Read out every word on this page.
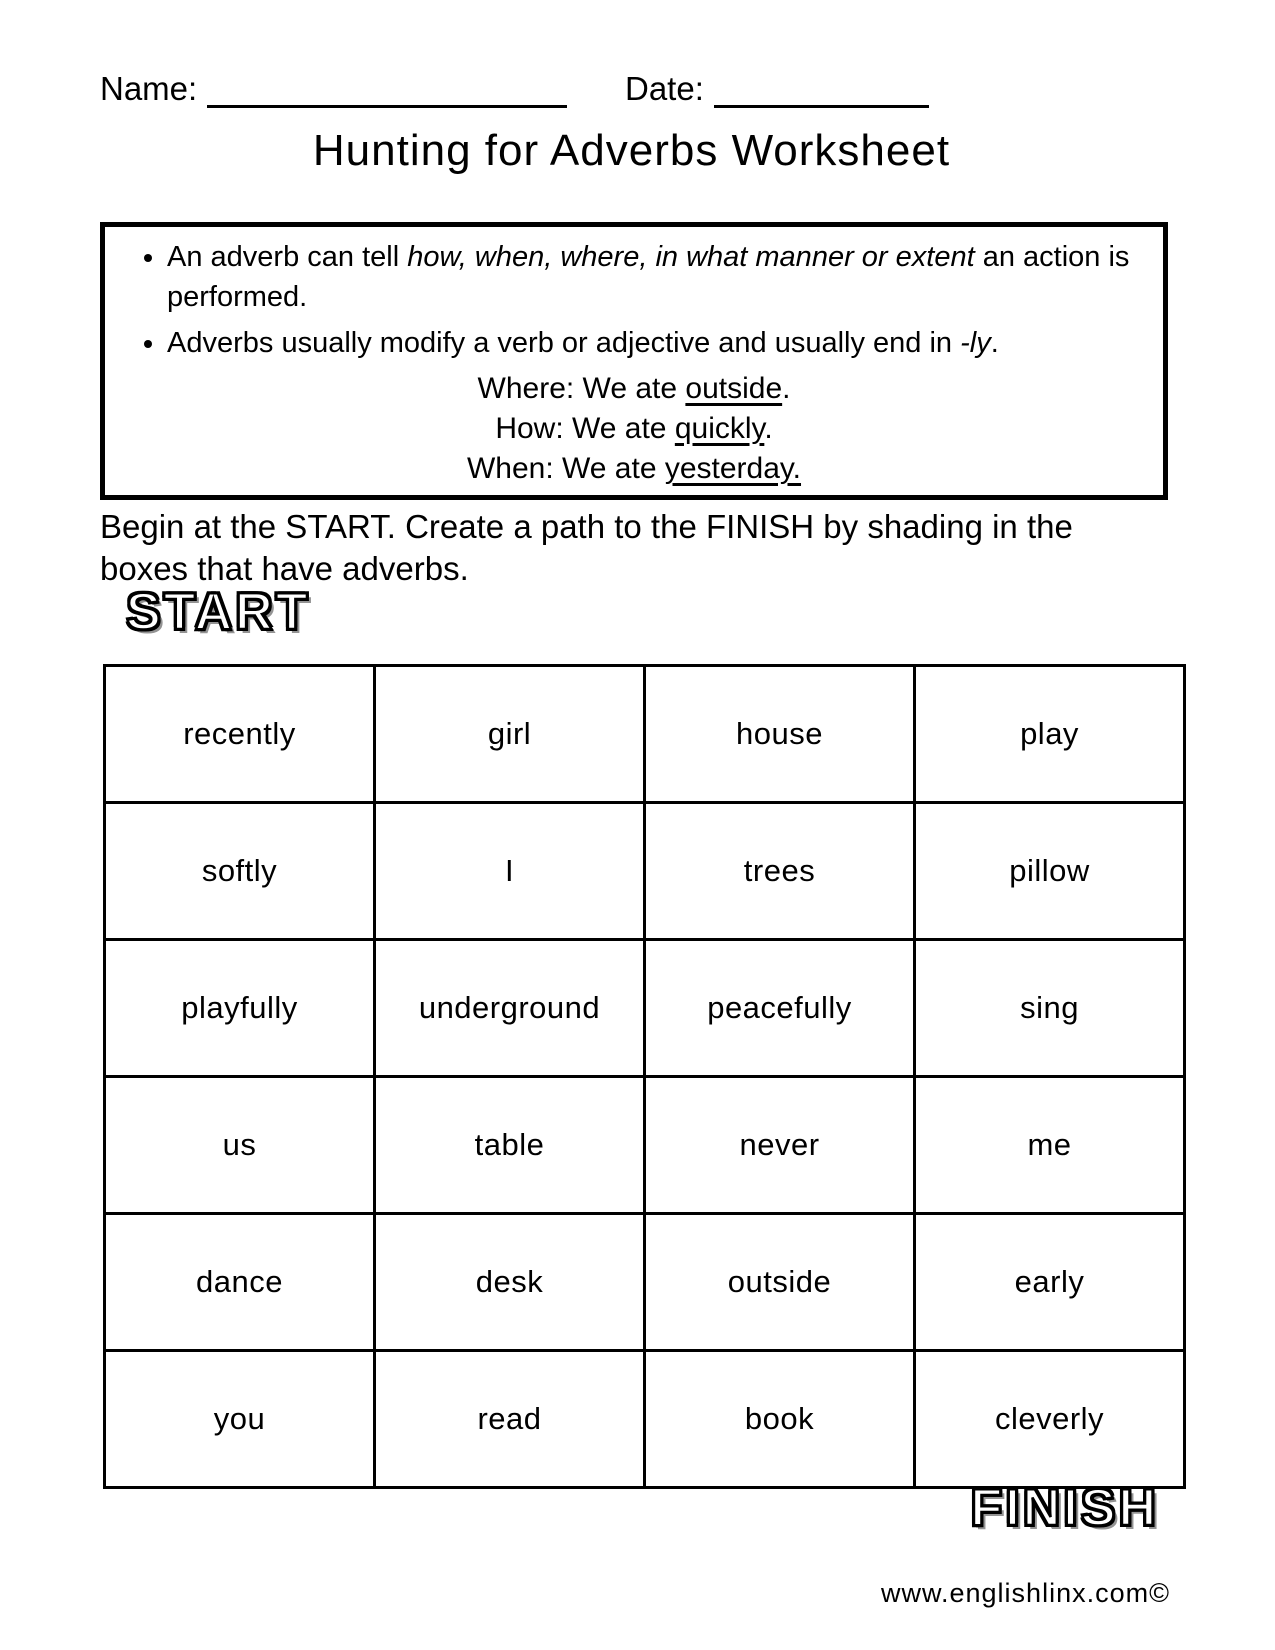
Name:	Date:
Hunting for Adverbs Worksheet
• An adverb can tell how, when, where, in what manner or extent an action is performed.
• Adverbs usually modify a verb or adjective and usually end in -ly.
Where: We ate outside.
How: We ate quickly.
When: We ate yesterday.
Begin at the START. Create a path to the FINISH by shading in the boxes that have adverbs.
START
recently	girl	house	play
softly	I	trees	pillow
playfully	underground	peacefully	sing
us	table	never	me
dance	desk	outside	early
you	read	book	cleverly
FINISH
www.englishlinx.com©
